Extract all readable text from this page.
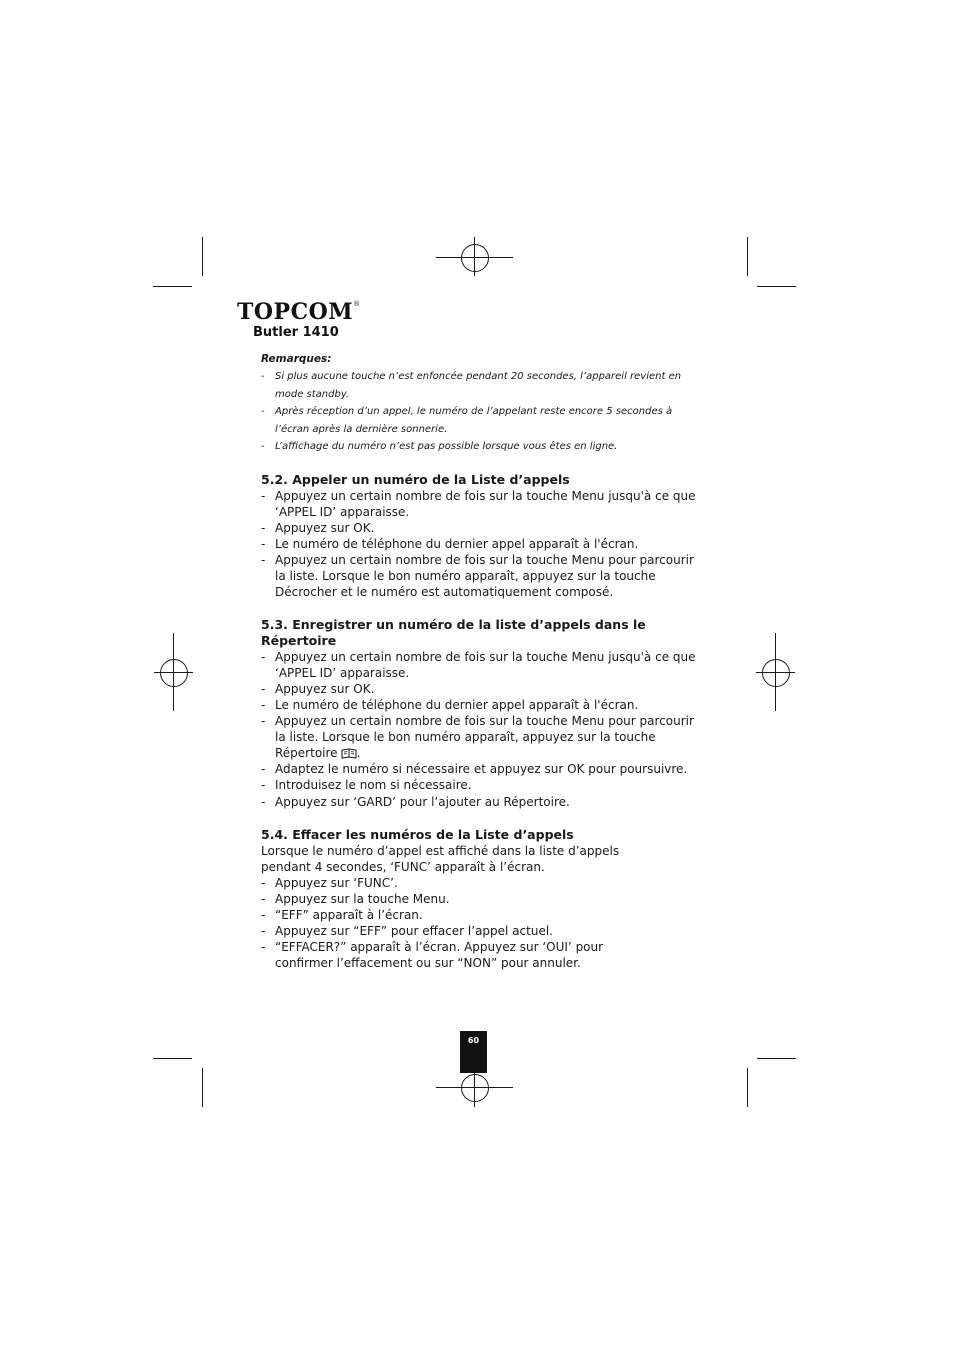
TOPCOM®
Butler 1410
Remarques:
- Si plus aucune touche n’est enfoncée pendant 20 secondes, l’appareil revient en mode standby.
- Après réception d’un appel, le numéro de l’appelant reste encore 5 secondes à l’écran après la dernière sonnerie.
- L’affichage du numéro n’est pas possible lorsque vous êtes en ligne.
5.2. Appeler un numéro de la Liste d’appels
- Appuyez un certain nombre de fois sur la touche Menu jusqu'à ce que ‘APPEL ID’ apparaisse.
- Appuyez sur OK.
- Le numéro de téléphone du dernier appel apparaît à l'écran.
- Appuyez un certain nombre de fois sur la touche Menu pour parcourir la liste. Lorsque le bon numéro apparaît, appuyez sur la touche Décrocher et le numéro est automatiquement composé.
5.3. Enregistrer un numéro de la liste d’appels dans le Répertoire
- Appuyez un certain nombre de fois sur la touche Menu jusqu'à ce que ‘APPEL ID’ apparaisse.
- Appuyez sur OK.
- Le numéro de téléphone du dernier appel apparaît à l'écran.
- Appuyez un certain nombre de fois sur la touche Menu pour parcourir la liste. Lorsque le bon numéro apparaît, appuyez sur la touche Répertoire .
- Adaptez le numéro si nécessaire et appuyez sur OK pour poursuivre.
- Introduisez le nom si nécessaire.
- Appuyez sur ‘GARD’ pour l’ajouter au Répertoire.
5.4. Effacer les numéros de la Liste d’appels

Lorsque le numéro d’appel est affiché dans la liste d’appels pendant 4 secondes, ‘FUNC’ apparaît à l’écran.

- Appuyez sur ‘FUNC’.
- Appuyez sur la touche Menu.
- “EFF” apparaît à l’écran.
- Appuyez sur “EFF” pour effacer l’appel actuel.
- “EFFACER?” apparaît à l’écran. Appuyez sur ‘OUI’ pour confirmer l’effacement ou sur “NON” pour annuler.
60
